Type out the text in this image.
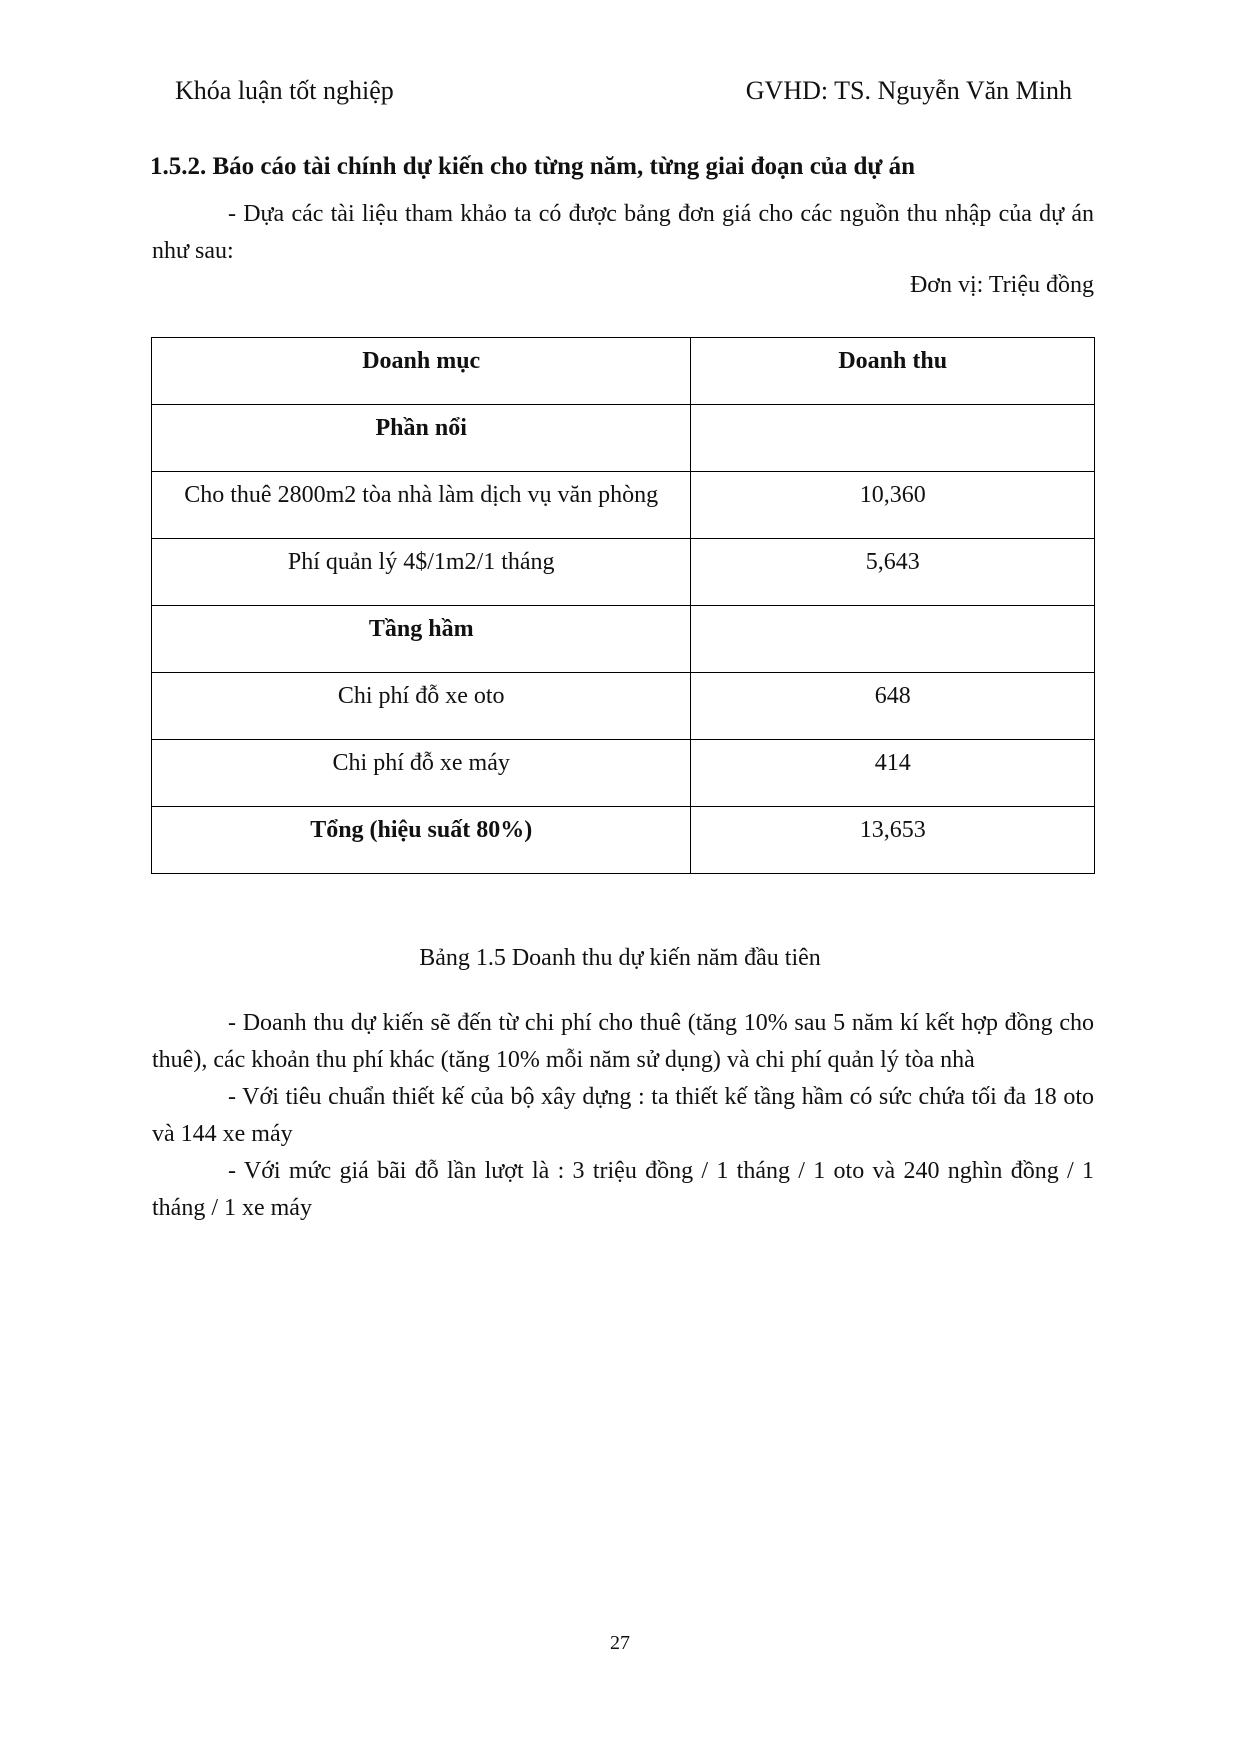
Khóa luận tốt nghiệp	GVHD: TS. Nguyễn Văn Minh
1.5.2. Báo cáo tài chính dự kiến cho từng năm, từng giai đoạn của dự án
- Dựa các tài liệu tham khảo ta có được bảng đơn giá cho các nguồn thu nhập của dự án như sau:
Đơn vị: Triệu đồng
Doanh mục	Doanh thu
Phần nổi	
Cho thuê 2800m2 tòa nhà làm dịch vụ văn phòng	10,360
Phí quản lý 4$/1m2/1 tháng	5,643
Tầng hầm	
Chi phí đỗ xe oto	648
Chi phí đỗ xe máy	414
Tổng (hiệu suất 80%)	13,653
Bảng 1.5 Doanh thu dự kiến năm đầu tiên
- Doanh thu dự kiến sẽ đến từ chi phí cho thuê (tăng 10% sau 5 năm kí kết hợp đồng cho thuê), các khoản thu phí khác (tăng 10% mỗi năm sử dụng) và chi phí quản lý tòa nhà
- Với tiêu chuẩn thiết kế của bộ xây dựng : ta thiết kế tầng hầm có sức chứa tối đa 18 oto và 144 xe máy
- Với mức giá bãi đỗ lần lượt là : 3 triệu đồng / 1 tháng / 1 oto và 240 nghìn đồng / 1 tháng / 1 xe máy
27
